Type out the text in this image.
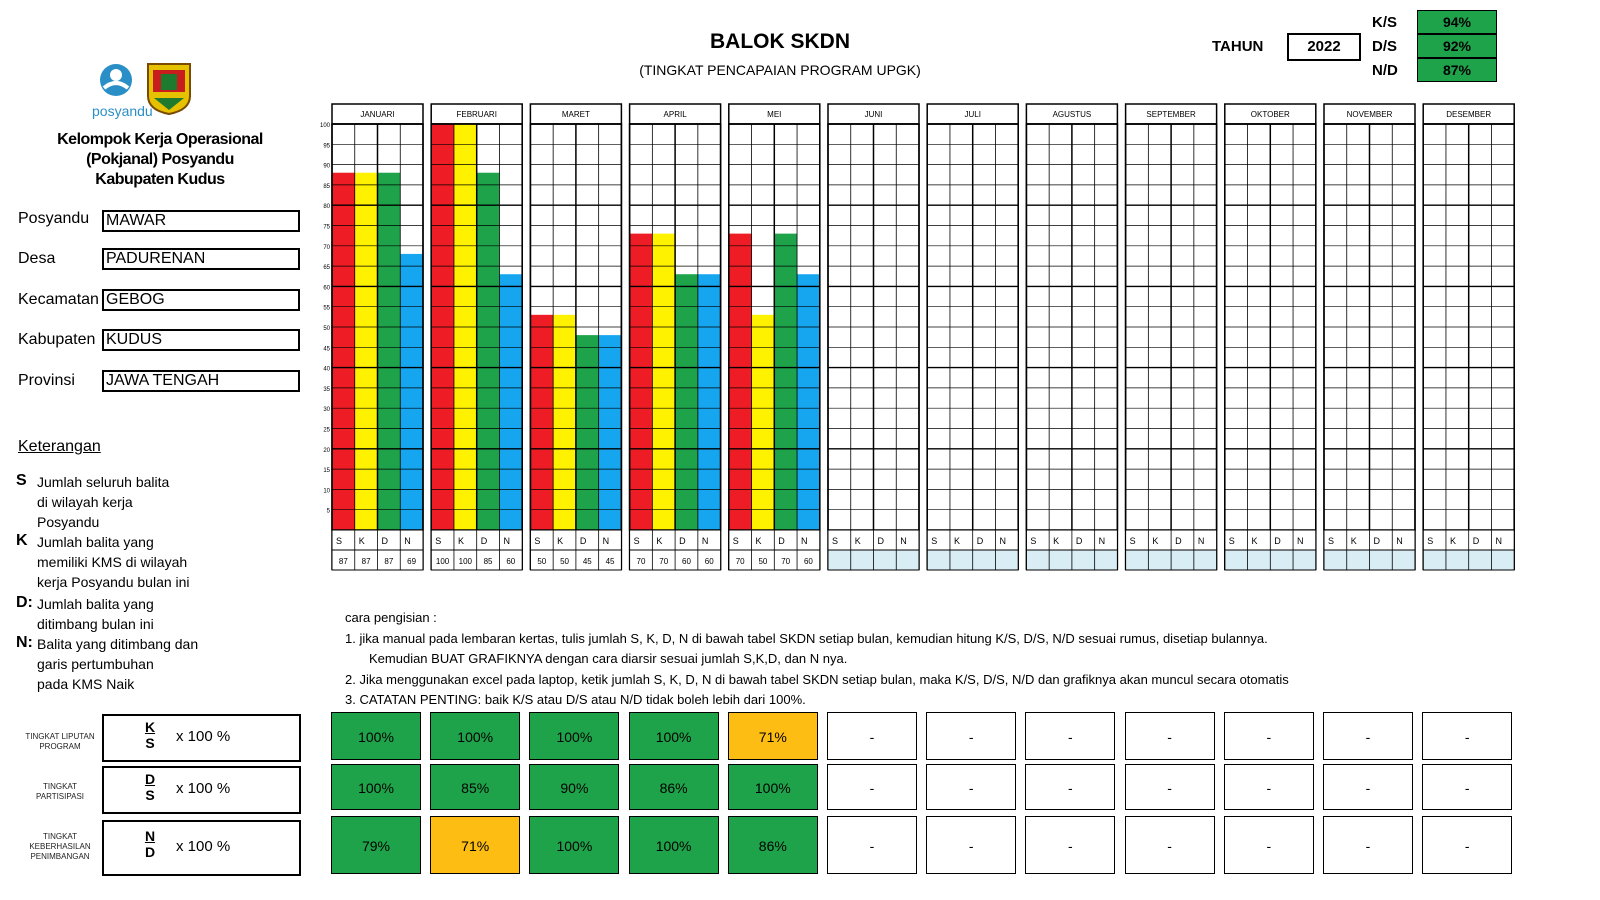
posyandu
Kelompok Kerja Operasional
(Pokjanal) Posyandu
Kabupaten Kudus
Posyandu MAWAR
Desa	PADURENAN
Kecamatan GEBOG
Kabupaten KUDUS
Provinsi JAWA TENGAH
Keterangan
S Jumlah seluruh balita
di wilayah kerja
Posyandu
K Jumlah balita yang
memiliki KMS di wilayah
kerja Posyandu bulan ini
D: Jumlah balita yang
ditimbang bulan ini
N: Balita yang ditimbang dan
garis pertumbuhan
pada KMS Naik
BALOK SKDN
(TINGKAT PENCAPAIAN PROGRAM UPGK)
TAHUN	2022
K/S	94%
D/S	92%
N/D	87%
5
10
15
20
25
30
35
40
45
50
55
60
65
70
75
80
85
90
95
100
JANUARI
S K D N
87 87 87 69
FEBRUARI
S K D N
100 100 85 60
MARET
S K D N
50 50 45 45
APRIL
S K D N
70 70 60 60
MEI
S K D N
70 50 70 60
JUNI
S K D N
JULI
S K D N
AGUSTUS
S K D N
SEPTEMBER
S K D N
OKTOBER
S K D N
NOVEMBER
S K D N
DESEMBER
S K D N
cara pengisian :
1. jika manual pada lembaran kertas, tulis jumlah S, K, D, N di bawah tabel SKDN setiap bulan, kemudian hitung K/S, D/S, N/D sesuai rumus, disetiap bulannya.
Kemudian BUAT GRAFIKNYA dengan cara diarsir sesuai jumlah S,K,D, dan N nya.
2. Jika menggunakan excel pada laptop, ketik jumlah S, K, D, N di bawah tabel SKDN setiap bulan, maka K/S, D/S, N/D dan grafiknya akan muncul secara otomatis
3. CATATAN PENTING: baik K/S atau D/S atau N/D tidak boleh lebih dari 100%.
TINGKAT LIPUTAN PROGRAM	$\frac{K}{S}$ x 100 %
TINGKAT PARTISIPASI	$\frac{D}{S}$ x 100 %
TINGKAT KEBERHASILAN PENIMBANGAN	$\frac{N}{D}$ x 100 %
100%	100%	100%	100%	71%	-	-	-	-	-	-	-
100%	85%	90%	86%	100%	-	-	-	-	-	-	-
79%	71%	100%	100%	86%	-	-	-	-	-	-	-
